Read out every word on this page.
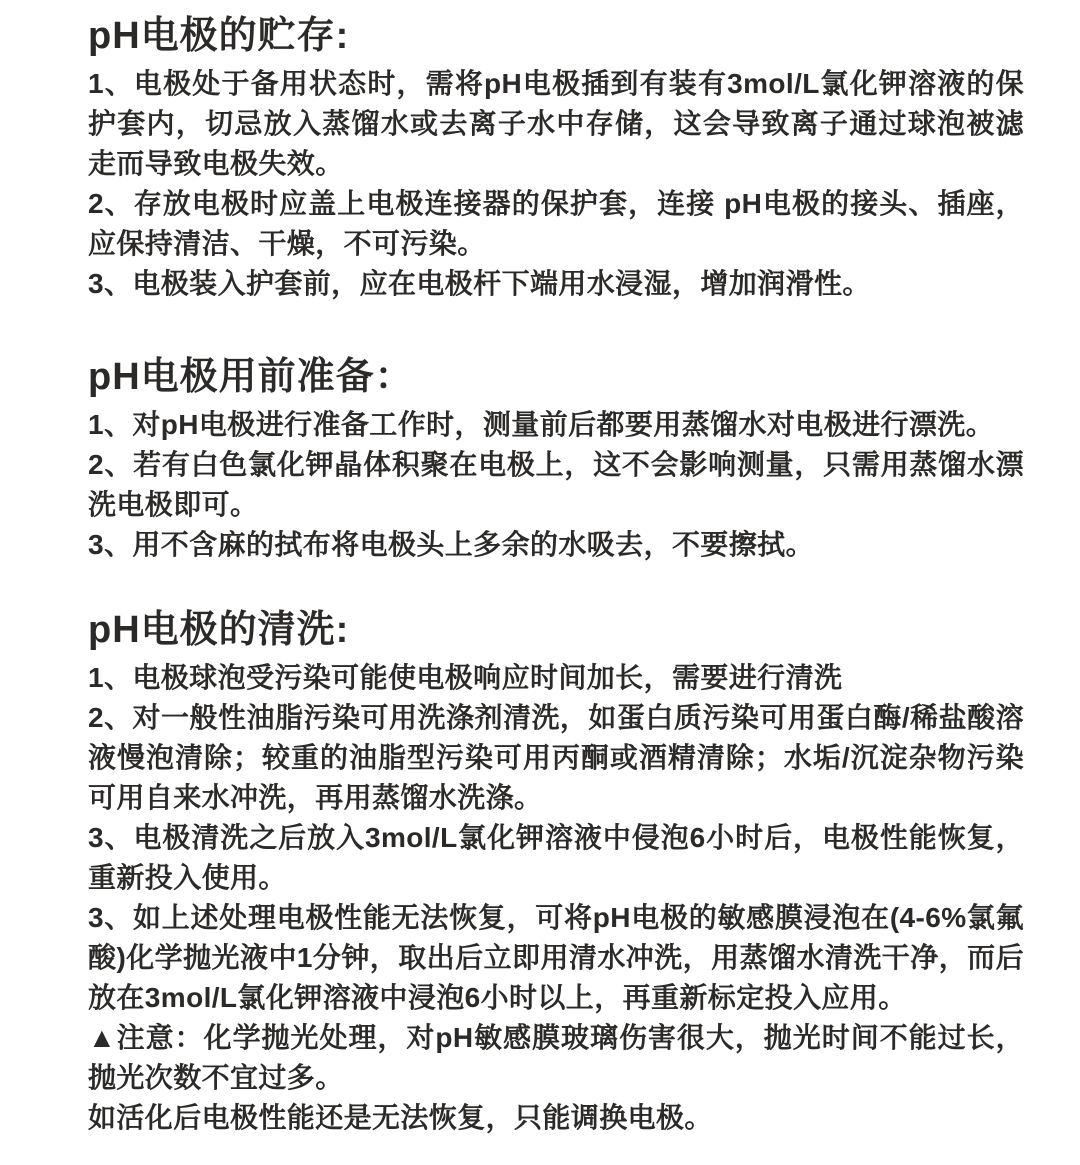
pH电极的贮存:

1、电极处于备用状态时，需将pH电极插到有装有3mol/L氯化钾溶液的保护套内，切忌放入蒸馏水或去离子水中存储，这会导致离子通过球泡被滤走而导致电极失效。

2、存放电极时应盖上电极连接器的保护套，连接 pH电极的接头、插座，应保持清洁、干燥，不可污染。

3、电极装入护套前，应在电极杆下端用水浸湿，增加润滑性。

pH电极用前准备：

1、对pH电极进行准备工作时，测量前后都要用蒸馏水对电极进行漂洗。

2、若有白色氯化钾晶体积聚在电极上，这不会影响测量，只需用蒸馏水漂洗电极即可。

3、用不含麻的拭布将电极头上多余的水吸去，不要擦拭。

pH电极的清洗:

1、电极球泡受污染可能使电极响应时间加长，需要进行清洗

2、对一般性油脂污染可用洗涤剂清洗，如蛋白质污染可用蛋白酶/稀盐酸溶液慢泡清除；较重的油脂型污染可用丙酮或酒精清除；水垢/沉淀杂物污染可用自来水冲洗，再用蒸馏水洗涤。

3、电极清洗之后放入3mol/L氯化钾溶液中侵泡6小时后，电极性能恢复，重新投入使用。

3、如上述处理电极性能无法恢复，可将pH电极的敏感膜浸泡在(4-6%氯氟酸)化学抛光液中1分钟，取出后立即用清水冲洗，用蒸馏水清洗干净，而后放在3mol/L氯化钾溶液中浸泡6小时以上，再重新标定投入应用。

▲注意：化学抛光处理，对pH敏感膜玻璃伤害很大，抛光时间不能过长，抛光次数不宜过多。

如活化后电极性能还是无法恢复，只能调换电极。
